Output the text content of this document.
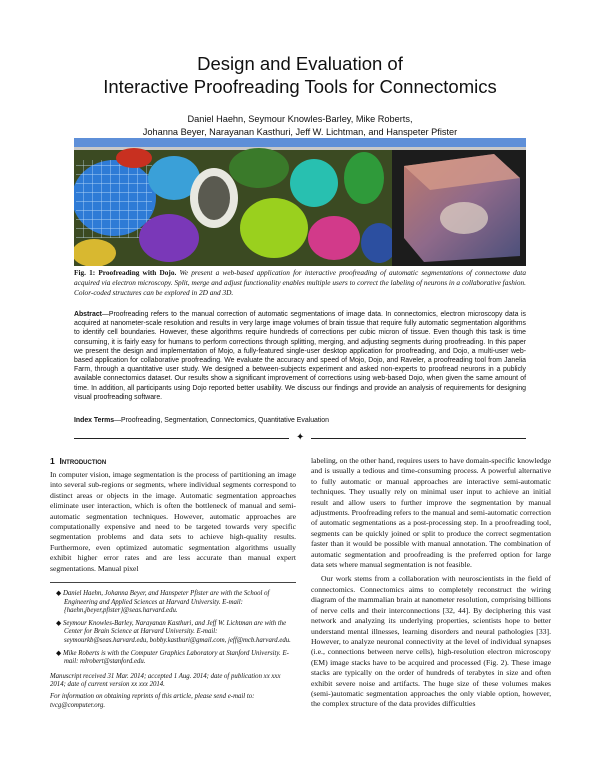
Design and Evaluation of
Interactive Proofreading Tools for Connectomics
Daniel Haehn, Seymour Knowles-Barley, Mike Roberts,
Johanna Beyer, Narayanan Kasthuri, Jeff W. Lichtman, and Hanspeter Pfister
Fig. 1: Proofreading with Dojo. We present a web-based application for interactive proofreading of automatic segmentations of connectome data acquired via electron microscopy. Split, merge and adjust functionality enables multiple users to correct the labeling of neurons in a collaborative fashion. Color-coded structures can be explored in 2D and 3D.
Abstract—Proofreading refers to the manual correction of automatic segmentations of image data. In connectomics, electron microscopy data is acquired at nanometer-scale resolution and results in very large image volumes of brain tissue that require fully automatic segmentation algorithms to identify cell boundaries. However, these algorithms require hundreds of corrections per cubic micron of tissue. Even though this task is time consuming, it is fairly easy for humans to perform corrections through splitting, merging, and adjusting segments during proofreading. In this paper we present the design and implementation of Mojo, a fully-featured single-user desktop application for proofreading, and Dojo, a multi-user web-based application for collaborative proofreading. We evaluate the accuracy and speed of Mojo, Dojo, and Raveler, a proofreading tool from Janelia Farm, through a quantitative user study. We designed a between-subjects experiment and asked non-experts to proofread neurons in a publicly available connectomics dataset. Our results show a significant improvement of corrections using web-based Dojo, when given the same amount of time. In addition, all participants using Dojo reported better usability. We discuss our findings and provide an analysis of requirements for designing visual proofreading software.
Index Terms—Proofreading, Segmentation, Connectomics, Quantitative Evaluation
✦
1 Introduction

In computer vision, image segmentation is the process of partitioning an image into several sub-regions or segments, where individual segments correspond to distinct areas or objects in the image. Automatic segmentation approaches eliminate user interaction, which is often the bottleneck of manual and semi-automatic segmentation techniques. However, automatic approaches are computationally expensive and need to be targeted towards very specific segmentation problems and data sets to achieve high-quality results. Furthermore, even optimized automatic segmentation algorithms usually exhibit higher error rates and are less accurate than manual expert segmentations. Manual pixel

◆ Daniel Haehn, Johanna Beyer, and Hanspeter Pfister are with the School of Engineering and Applied Sciences at Harvard University. E-mail: {haehn,jbeyer,pfister}@seas.harvard.edu.
◆ Seymour Knowles-Barley, Narayanan Kasthuri, and Jeff W. Lichtman are with the Center for Brain Science at Harvard University. E-mail: seymourkb@seas.harvard.edu, bobby.kasthuri@gmail.com, jeff@mcb.harvard.edu.
◆ Mike Roberts is with the Computer Graphics Laboratory at Stanford University. E-mail: mlrobert@stanford.edu.
Manuscript received 31 Mar. 2014; accepted 1 Aug. 2014; date of publication xx xxx 2014; date of current version xx xxx 2014.
For information on obtaining reprints of this article, please send e-mail to: tvcg@computer.org.

labeling, on the other hand, requires users to have domain-specific knowledge and is usually a tedious and time-consuming process. A powerful alternative to fully automatic or manual approaches are interactive semi-automatic techniques. They usually rely on minimal user input to achieve an initial result and allow users to further improve the segmentation by manual adjustments. Proofreading refers to the manual and semi-automatic correction of automatic segmentations as a post-processing step. In a proofreading tool, segments can be quickly joined or split to produce the correct segmentation faster than it would be possible with manual annotation. The combination of automatic segmentation and proofreading is the preferred option for large data sets where manual segmentation is not feasible.

Our work stems from a collaboration with neuroscientists in the field of connectomics. Connectomics aims to completely reconstruct the wiring diagram of the mammalian brain at nanometer resolution, comprising billions of nerve cells and their interconnections [32, 44]. By deciphering this vast network and analyzing its underlying properties, scientists hope to better understand mental illnesses, learning disorders and neural pathologies [33]. However, to analyze neuronal connectivity at the level of individual synapses (i.e., connections between nerve cells), high-resolution electron microscopy (EM) image stacks have to be acquired and processed (Fig. 2). These image stacks are typically on the order of hundreds of terabytes in size and often exhibit severe noise and artifacts. The huge size of these volumes makes (semi-)automatic segmentation approaches the only viable option, however, the complex structure of the data provides difficulties
